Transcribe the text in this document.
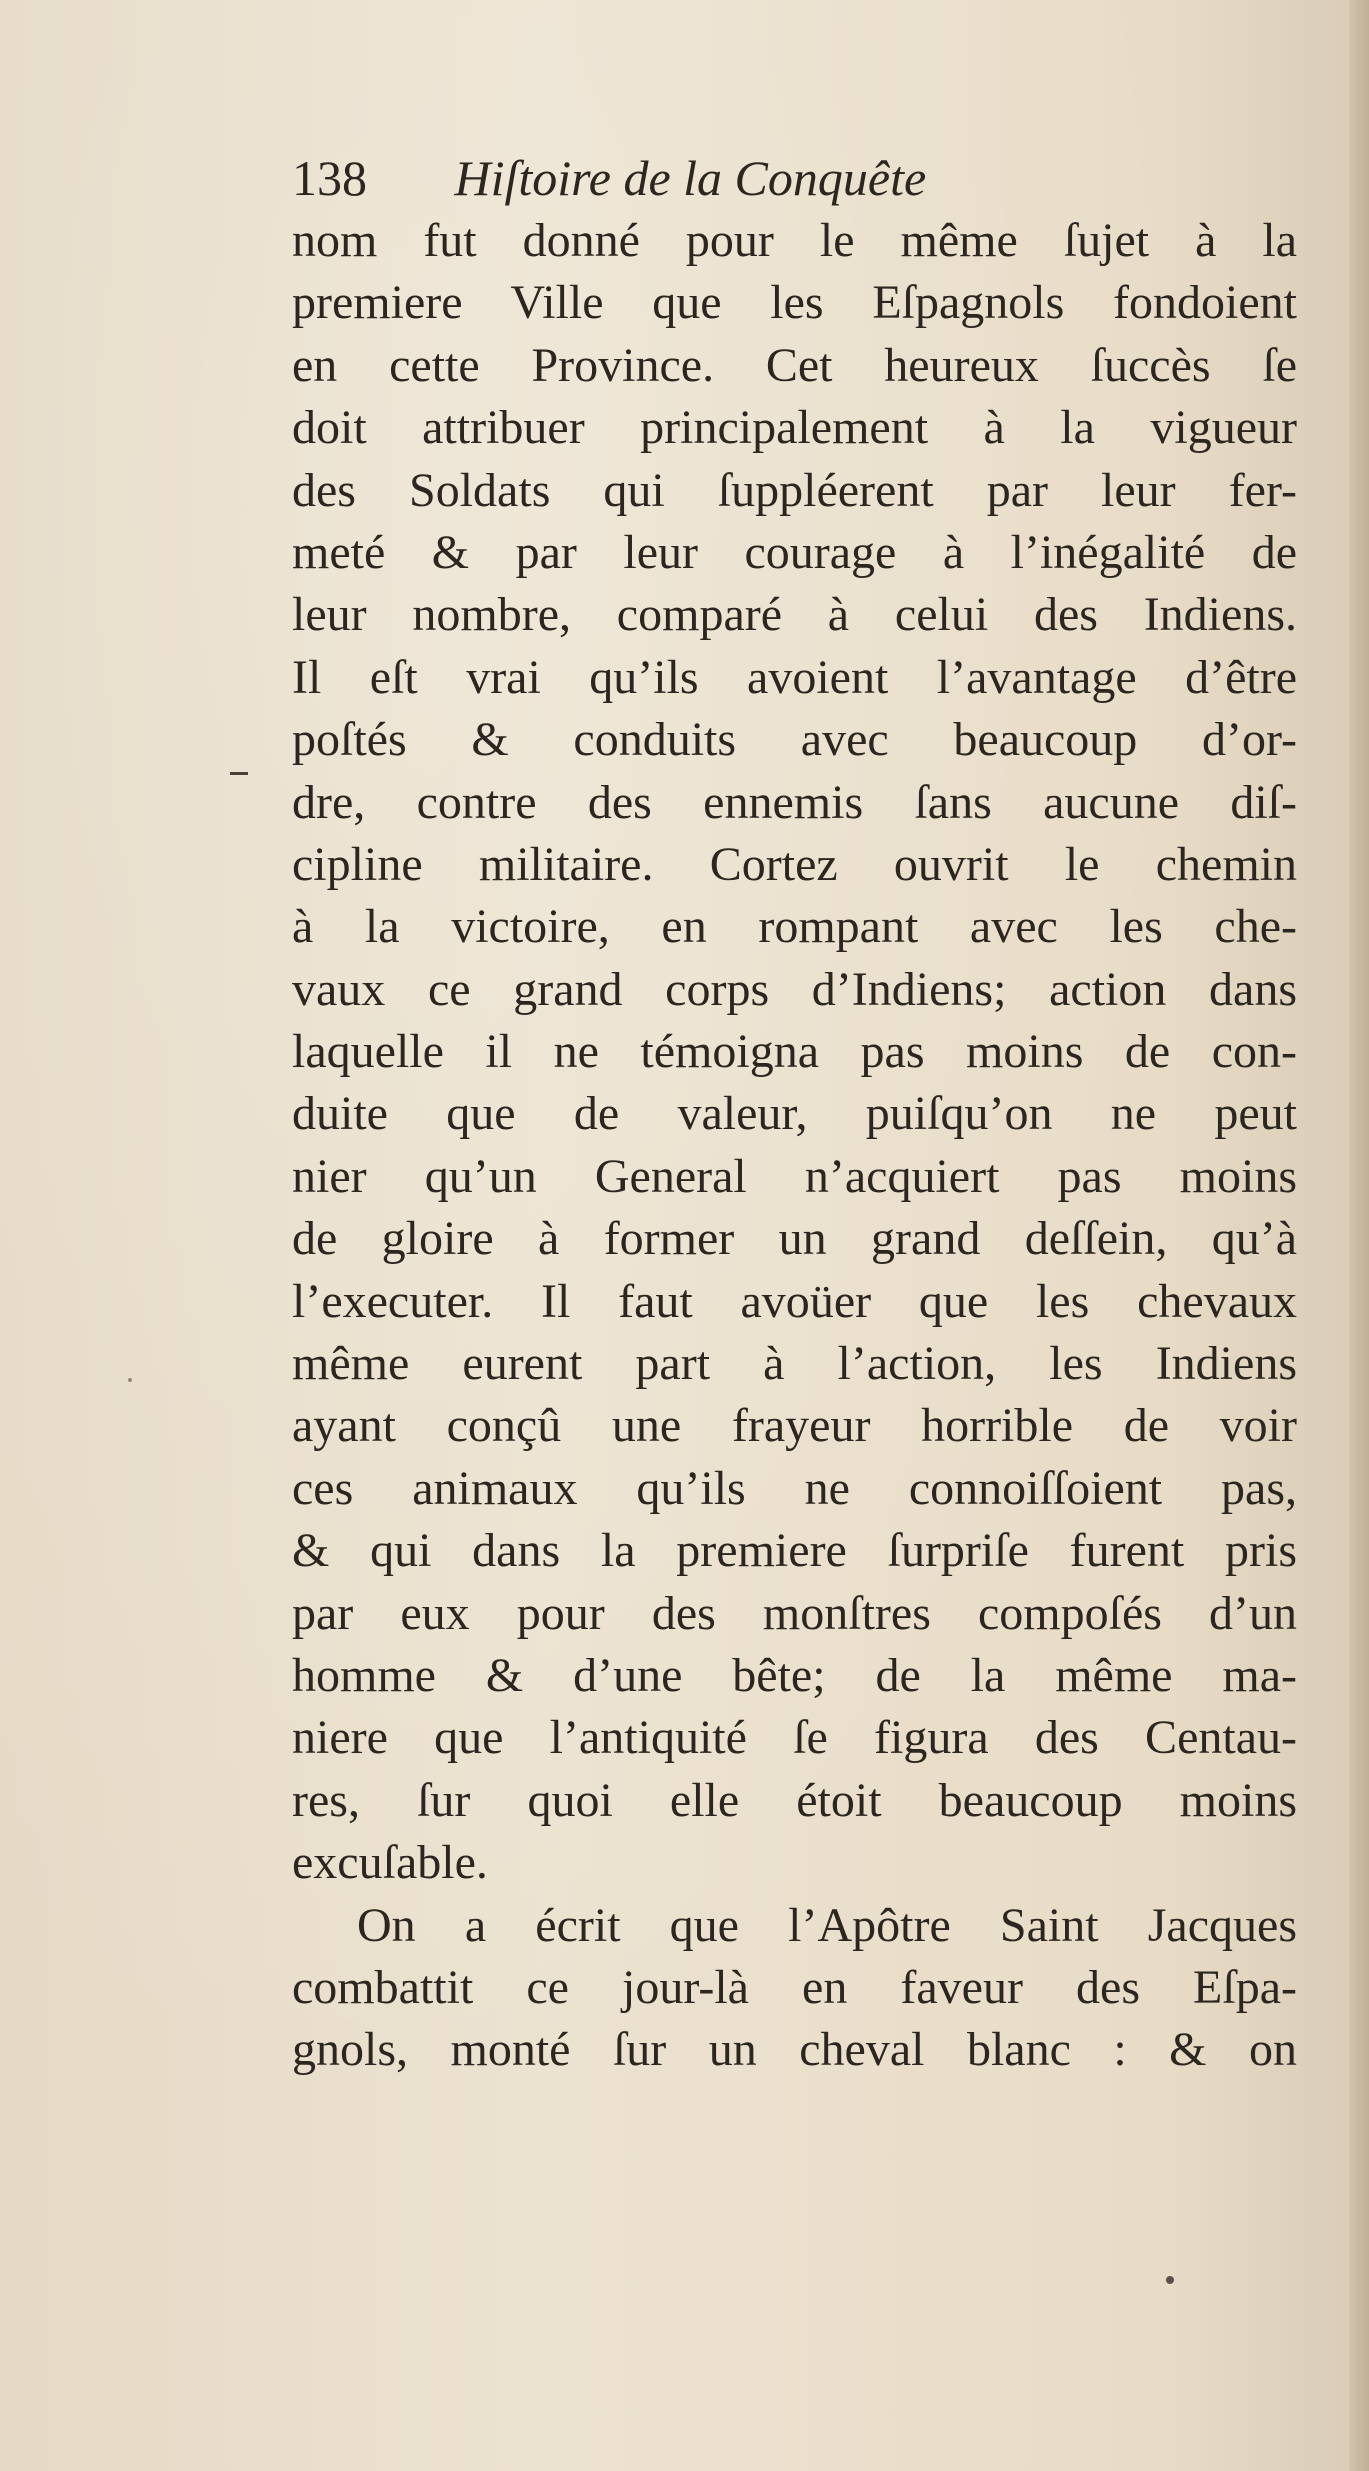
138 Hiſtoire de la Conquête
nom fut donné pour le même ſujet à la
premiere Ville que les Eſpagnols fondoient
en cette Province. Cet heureux ſuccès ſe
doit attribuer principalement à la vigueur
des Soldats qui ſuppléerent par leur fer-
meté & par leur courage à l’inégalité de
leur nombre, comparé à celui des Indiens.
Il eſt vrai qu’ils avoient l’avantage d’être
poſtés & conduits avec beaucoup d’or-
dre, contre des ennemis ſans aucune diſ-
cipline militaire. Cortez ouvrit le chemin
à la victoire, en rompant avec les che-
vaux ce grand corps d’Indiens; action dans
laquelle il ne témoigna pas moins de con-
duite que de valeur, puiſqu’on ne peut
nier qu’un General n’acquiert pas moins
de gloire à former un grand deſſein, qu’à
l’executer. Il faut avoüer que les chevaux
même eurent part à l’action, les Indiens
ayant conçû une frayeur horrible de voir
ces animaux qu’ils ne connoiſſoient pas,
& qui dans la premiere ſurpriſe furent pris
par eux pour des monſtres compoſés d’un
homme & d’une bête; de la même ma-
niere que l’antiquité ſe figura des Centau-
res, ſur quoi elle étoit beaucoup moins
excuſable.
On a écrit que l’Apôtre Saint Jacques
combattit ce jour-là en faveur des Eſpa-
gnols, monté ſur un cheval blanc : & on
